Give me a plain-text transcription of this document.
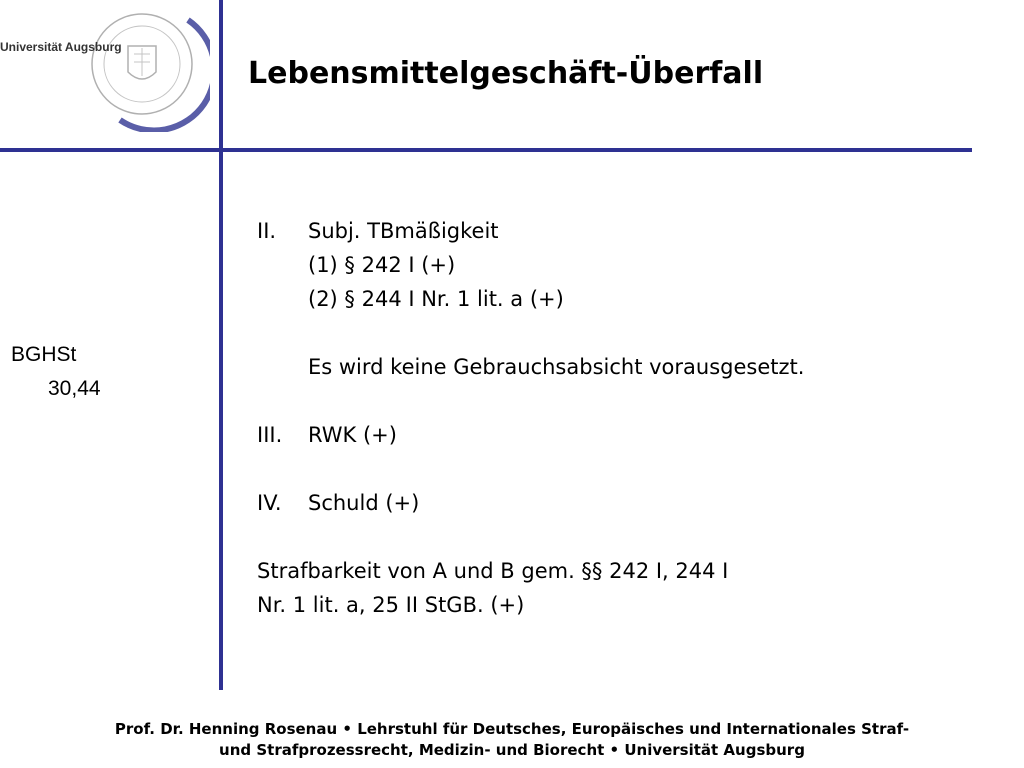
Universität Augsburg
Lebensmittelgeschäft-Überfall
BGHSt
30,44
II.	Subj. TBmäßigkeit
(1) § 242 I (+)
(2) § 244 I Nr. 1 lit. a (+)
Es wird keine Gebrauchsabsicht vorausgesetzt.
III.	RWK (+)
IV.	Schuld (+)
Strafbarkeit von A und B gem. §§ 242 I, 244 I
Nr. 1 lit. a, 25 II StGB. (+)
Prof. Dr. Henning Rosenau • Lehrstuhl für Deutsches, Europäisches und Internationales Straf-
und Strafprozessrecht, Medizin- und Biorecht • Universität Augsburg
